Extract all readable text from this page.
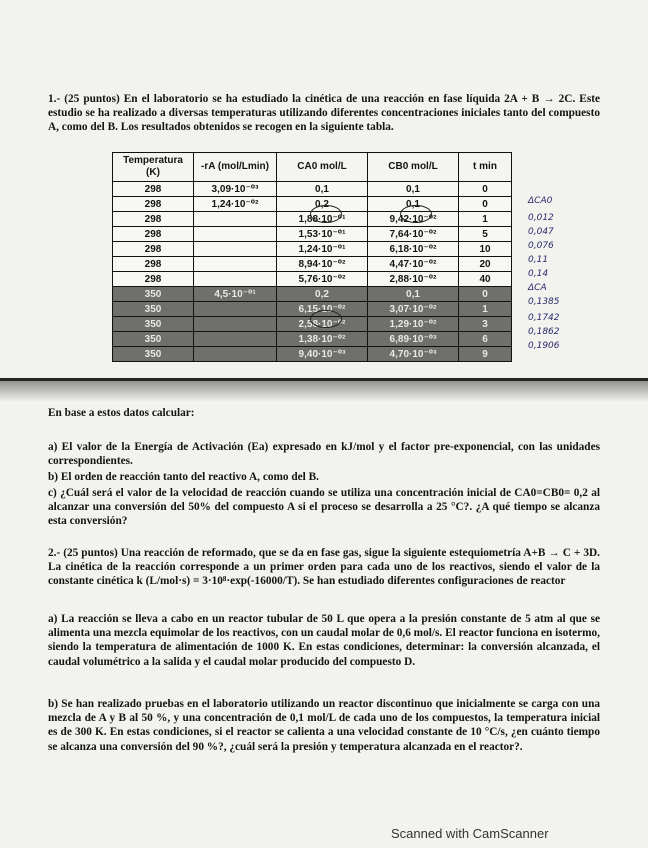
1.- (25 puntos) En el laboratorio se ha estudiado la cinética de una reacción en fase líquida 2A + B → 2C. Este estudio se ha realizado a diversas temperaturas utilizando diferentes concentraciones iniciales tanto del compuesto A, como del B. Los resultados obtenidos se recogen en la siguiente tabla.

Temperatura (K)	-rA (mol/Lmin)	CA0 mol/L	CB0 mol/L	t min
298	3,09·10⁻⁰³	0,1	0,1	0
298	1,24·10⁻⁰²	0,2	0,1	0
298		1,88·10⁻⁰¹	9,42·10⁻⁰²	1
298		1,53·10⁻⁰¹	7,64·10⁻⁰²	5
298		1,24·10⁻⁰¹	6,18·10⁻⁰²	10
298		8,94·10⁻⁰²	4,47·10⁻⁰²	20
298		5,76·10⁻⁰²	2,88·10⁻⁰²	40
350	4,5·10⁻⁰¹	0,2	0,1	0
350		6,15·10⁻⁰²	3,07·10⁻⁰²	1
350		2,58·10⁻⁰²	1,29·10⁻⁰²	3
350		1,38·10⁻⁰²	6,89·10⁻⁰³	6
350		9,40·10⁻⁰³	4,70·10⁻⁰³	9
ΔCA0
0,012
0,047
0,076
0,11
0,14
ΔCA
0,1385
0,1742
0,1862
0,1906

En base a estos datos calcular:

a) El valor de la Energía de Activación (Ea) expresado en kJ/mol y el factor pre-exponencial, con las unidades correspondientes.

b) El orden de reacción tanto del reactivo A, como del B.

c) ¿Cuál será el valor de la velocidad de reacción cuando se utiliza una concentración inicial de CA0=CB0= 0,2 al alcanzar una conversión del 50% del compuesto A si el proceso se desarrolla a 25 °C?. ¿A qué tiempo se alcanza esta conversión?

2.- (25 puntos) Una reacción de reformado, que se da en fase gas, sigue la siguiente estequiometría A+B → C + 3D. La cinética de la reacción corresponde a un primer orden para cada uno de los reactivos, siendo el valor de la constante cinética k (L/mol·s) = 3·10⁸·exp(-16000/T). Se han estudiado diferentes configuraciones de reactor

a) La reacción se lleva a cabo en un reactor tubular de 50 L que opera a la presión constante de 5 atm al que se alimenta una mezcla equimolar de los reactivos, con un caudal molar de 0,6 mol/s. El reactor funciona en isotermo, siendo la temperatura de alimentación de 1000 K. En estas condiciones, determinar: la conversión alcanzada, el caudal volumétrico a la salida y el caudal molar producido del compuesto D.

b) Se han realizado pruebas en el laboratorio utilizando un reactor discontinuo que inicialmente se carga con una mezcla de A y B al 50 %, y una concentración de 0,1 mol/L de cada uno de los compuestos, la temperatura inicial es de 300 K. En estas condiciones, si el reactor se calienta a una velocidad constante de 10 °C/s, ¿en cuánto tiempo se alcanza una conversión del 90 %?, ¿cuál será la presión y temperatura alcanzada en el reactor?.

Scanned with CamScanner
